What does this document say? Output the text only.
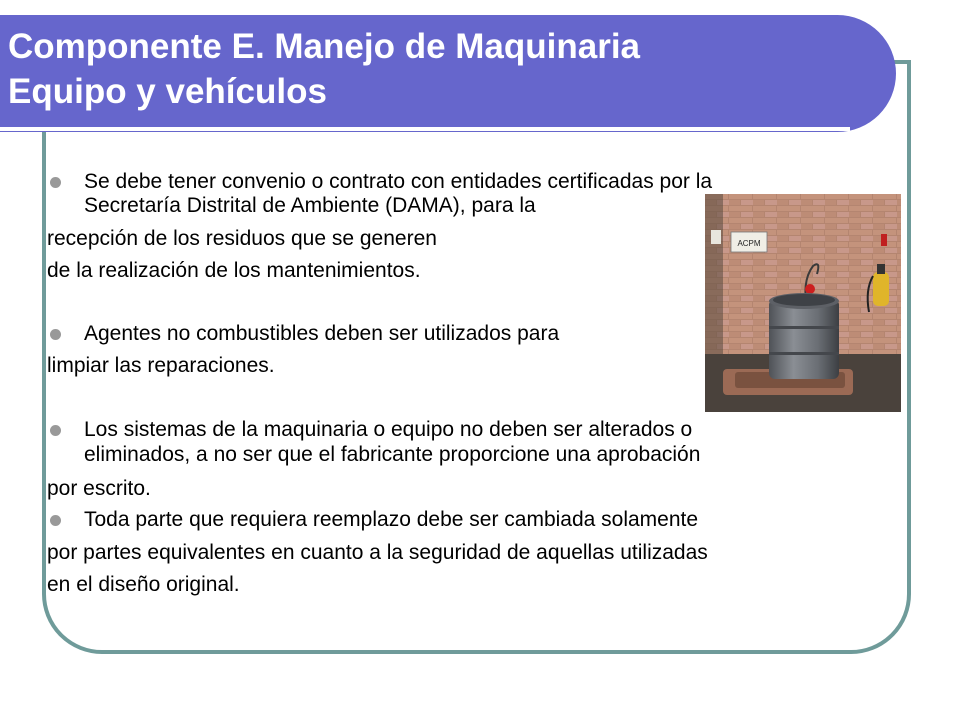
Componente E. Manejo de Maquinaria
Equipo y vehículos
Se debe tener convenio o contrato con entidades certificadas por la
Secretaría Distrital de Ambiente (DAMA), para la
recepción de los residuos que se generen
de la realización de los mantenimientos.
Agentes no combustibles deben ser utilizados para
limpiar las reparaciones.
Los sistemas de la maquinaria o equipo no deben ser alterados o
eliminados, a no ser que el fabricante proporcione una aprobación
por escrito.
Toda parte que requiera reemplazo debe ser cambiada solamente
por partes equivalentes en cuanto a la seguridad de aquellas utilizadas
en el diseño original.
ACPM
